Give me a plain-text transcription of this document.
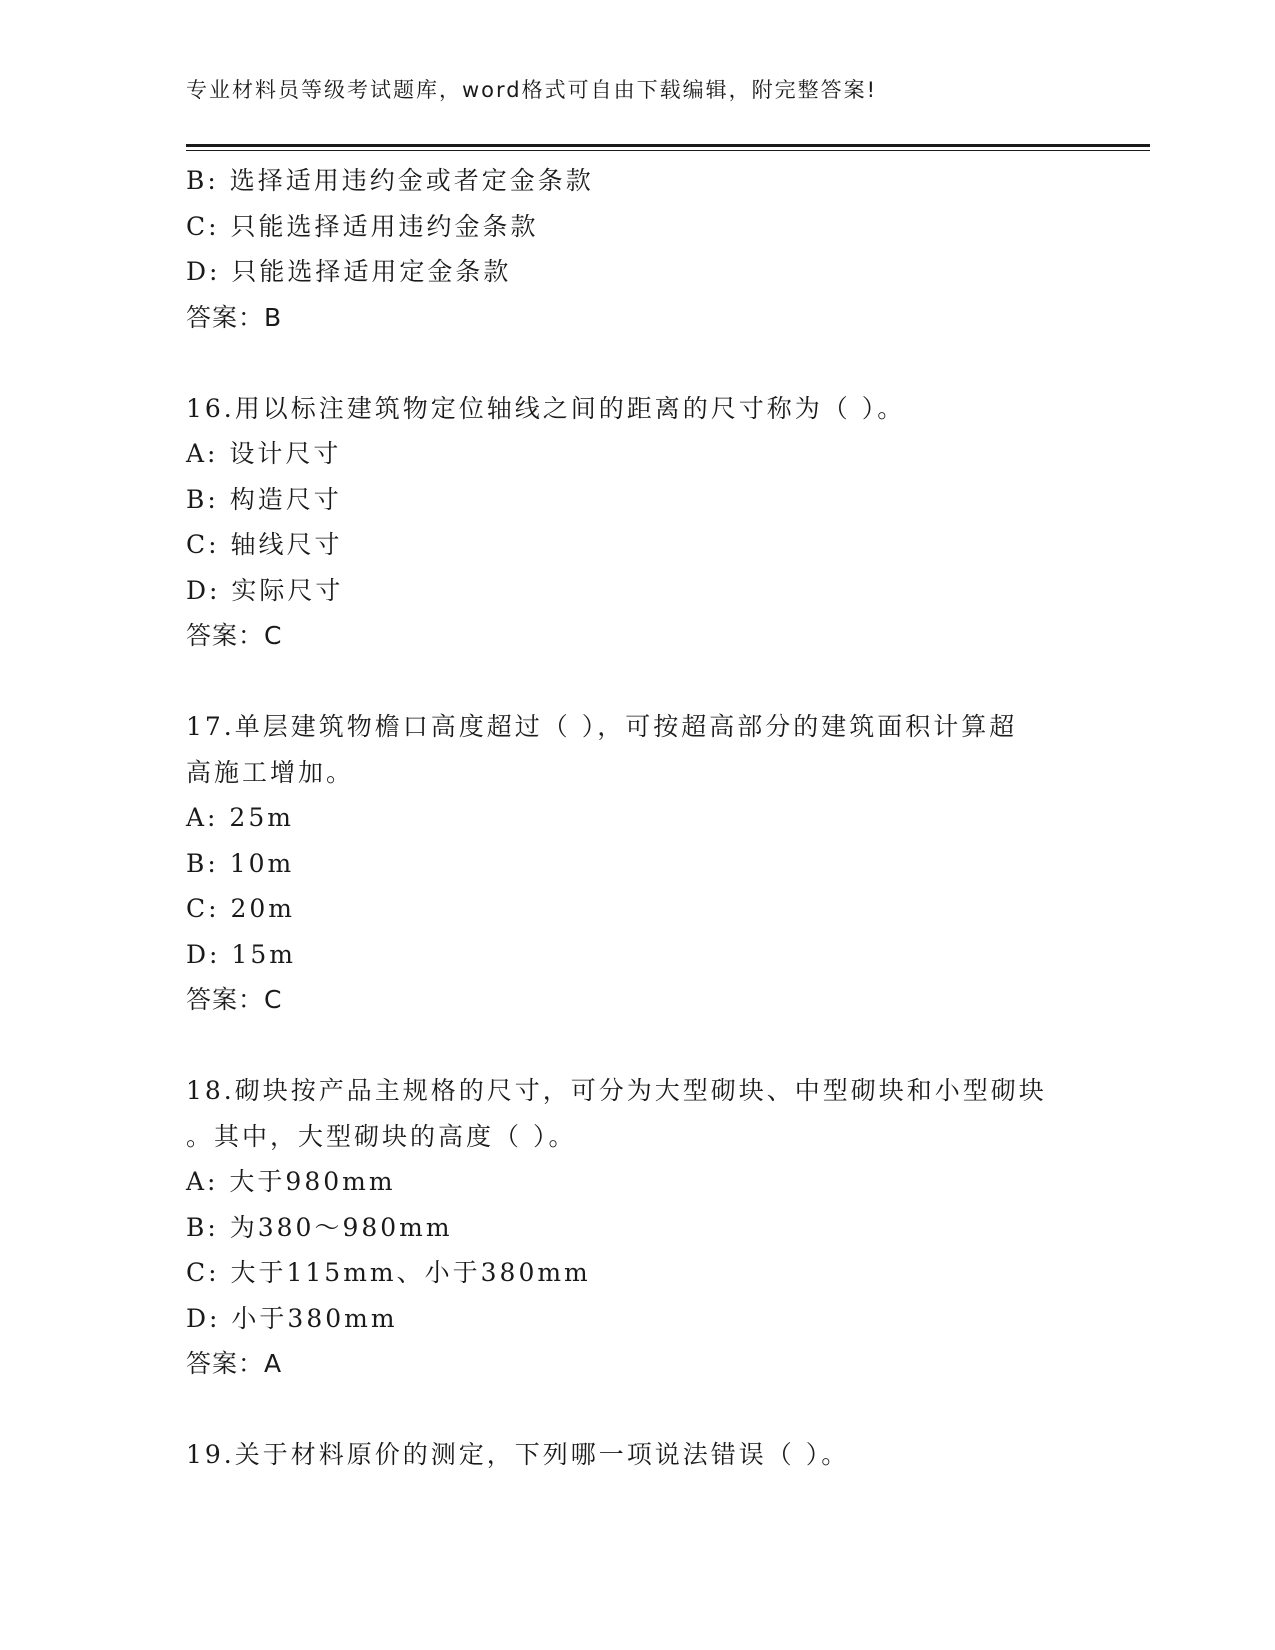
专业材料员等级考试题库，word格式可自由下载编辑，附完整答案!
B: 选择适用违约金或者定金条款
C: 只能选择适用违约金条款
D: 只能选择适用定金条款
答案：B
16.用以标注建筑物定位轴线之间的距离的尺寸称为（ ）。
A: 设计尺寸
B: 构造尺寸
C: 轴线尺寸
D: 实际尺寸
答案：C
17.单层建筑物檐口高度超过（ ），可按超高部分的建筑面积计算超
高施工增加。
A: 25m
B: 10m
C: 20m
D: 15m
答案：C
18.砌块按产品主规格的尺寸，可分为大型砌块、中型砌块和小型砌块
。其中，大型砌块的高度（ ）。
A: 大于980mm
B: 为380～980mm
C: 大于115mm、小于380mm
D: 小于380mm
答案：A
19.关于材料原价的测定，下列哪一项说法错误（ ）。
